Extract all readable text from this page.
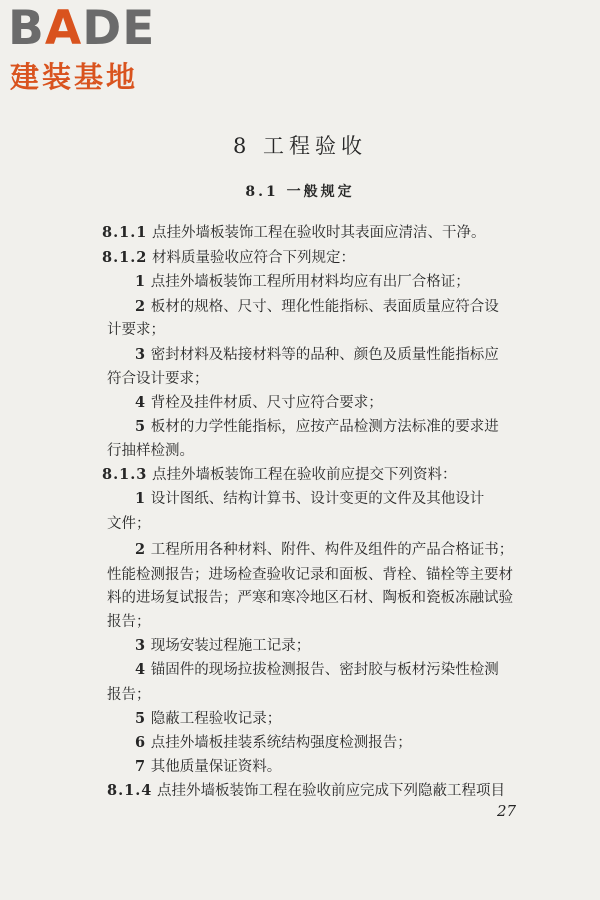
BADE
建装基地
8 工程验收
8.1 一般规定
8.1.1 点挂外墙板装饰工程在验收时其表面应清洁、干净。
8.1.2 材料质量验收应符合下列规定：
1 点挂外墙板装饰工程所用材料均应有出厂合格证；
2 板材的规格、尺寸、理化性能指标、表面质量应符合设
计要求；
3 密封材料及粘接材料等的品种、颜色及质量性能指标应
符合设计要求；
4 背栓及挂件材质、尺寸应符合要求；
5 板材的力学性能指标，应按产品检测方法标准的要求进
行抽样检测。
8.1.3 点挂外墙板装饰工程在验收前应提交下列资料：
1 设计图纸、结构计算书、设计变更的文件及其他设计
文件；
2 工程所用各种材料、附件、构件及组件的产品合格证书；
性能检测报告；进场检查验收记录和面板、背栓、锚栓等主要材
料的进场复试报告；严寒和寒冷地区石材、陶板和瓷板冻融试验
报告；
3 现场安装过程施工记录；
4 锚固件的现场拉拔检测报告、密封胶与板材污染性检测
报告；
5 隐蔽工程验收记录；
6 点挂外墙板挂装系统结构强度检测报告；
7 其他质量保证资料。
8.1.4 点挂外墙板装饰工程在验收前应完成下列隐蔽工程项目
27
